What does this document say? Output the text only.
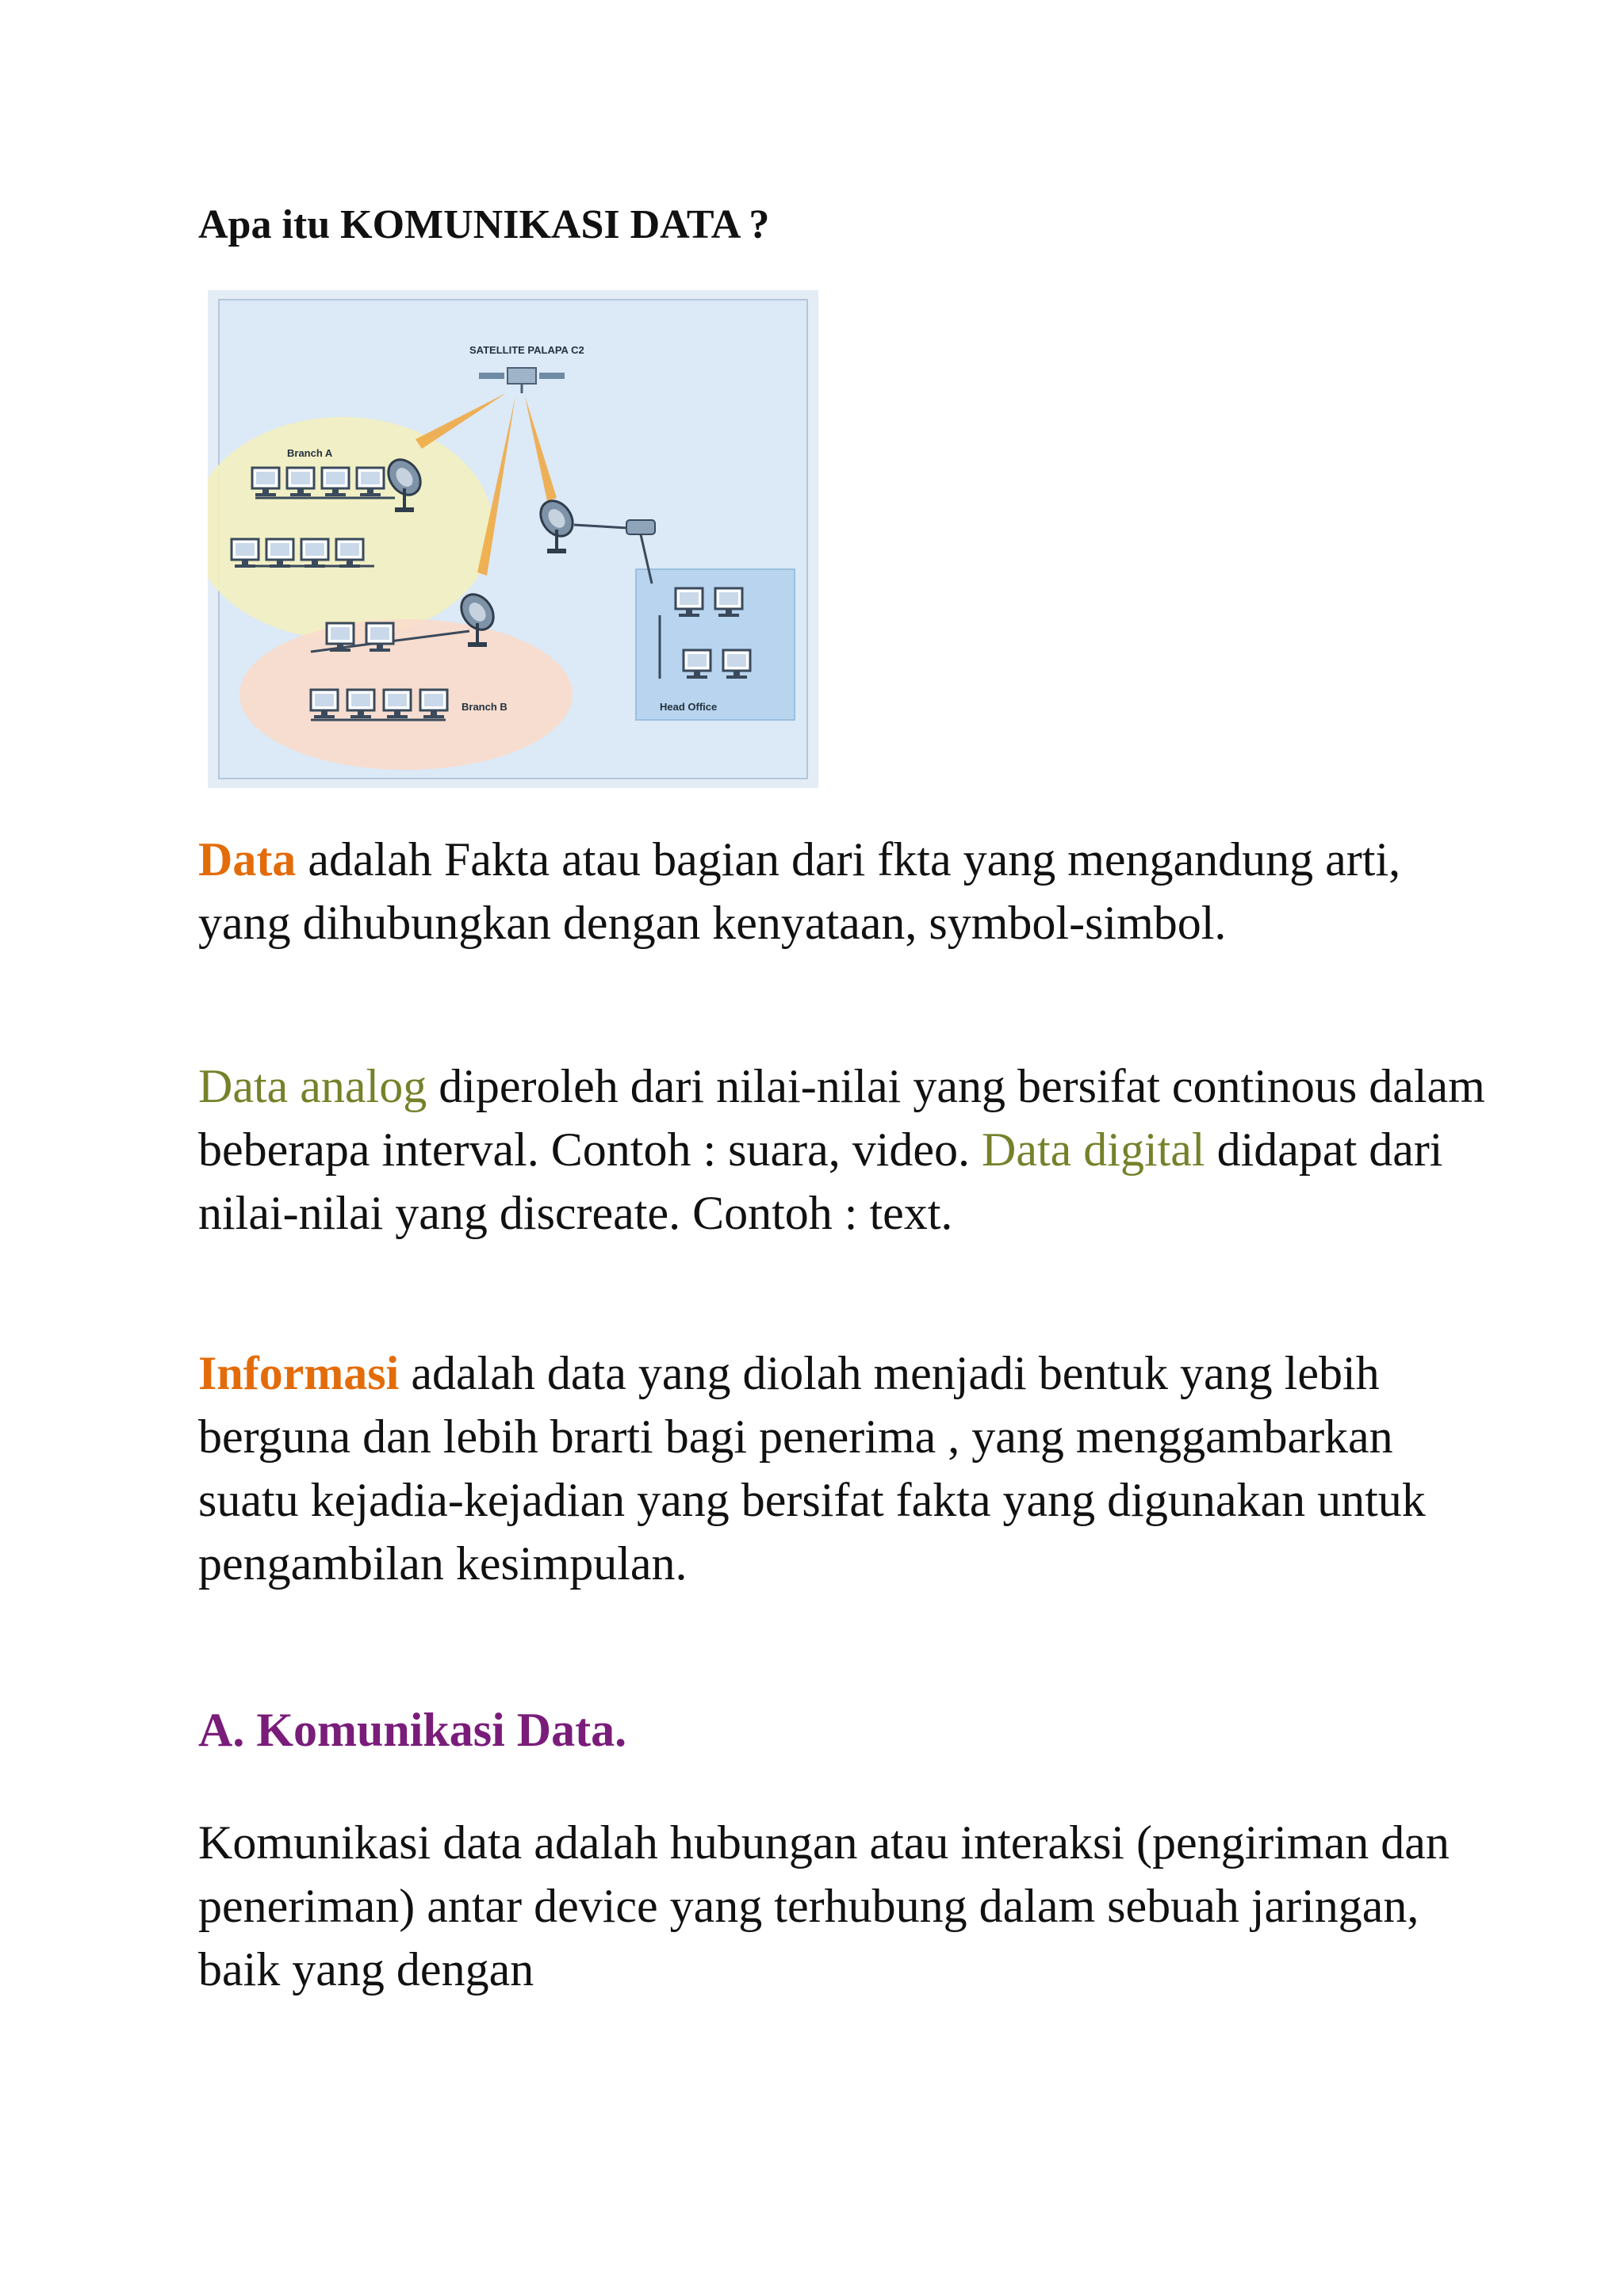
Apa itu KOMUNIKASI DATA ?
SATELLITE PALAPA C2
Branch A
Branch B	Head Office

Data adalah Fakta atau bagian dari fkta yang mengandung arti, yang dihubungkan dengan kenyataan, symbol-simbol.

Data analog diperoleh dari nilai-nilai yang bersifat continous dalam beberapa interval. Contoh : suara, video. Data digital didapat dari nilai-nilai yang discreate. Contoh : text.

Informasi adalah data yang diolah menjadi bentuk yang lebih berguna dan lebih brarti bagi penerima , yang menggambarkan suatu kejadia-kejadian yang bersifat fakta yang digunakan untuk pengambilan kesimpulan.

A. Komunikasi Data.

Komunikasi data adalah hubungan atau interaksi (pengiriman dan peneriman) antar device yang terhubung dalam sebuah jaringan, baik yang dengan
